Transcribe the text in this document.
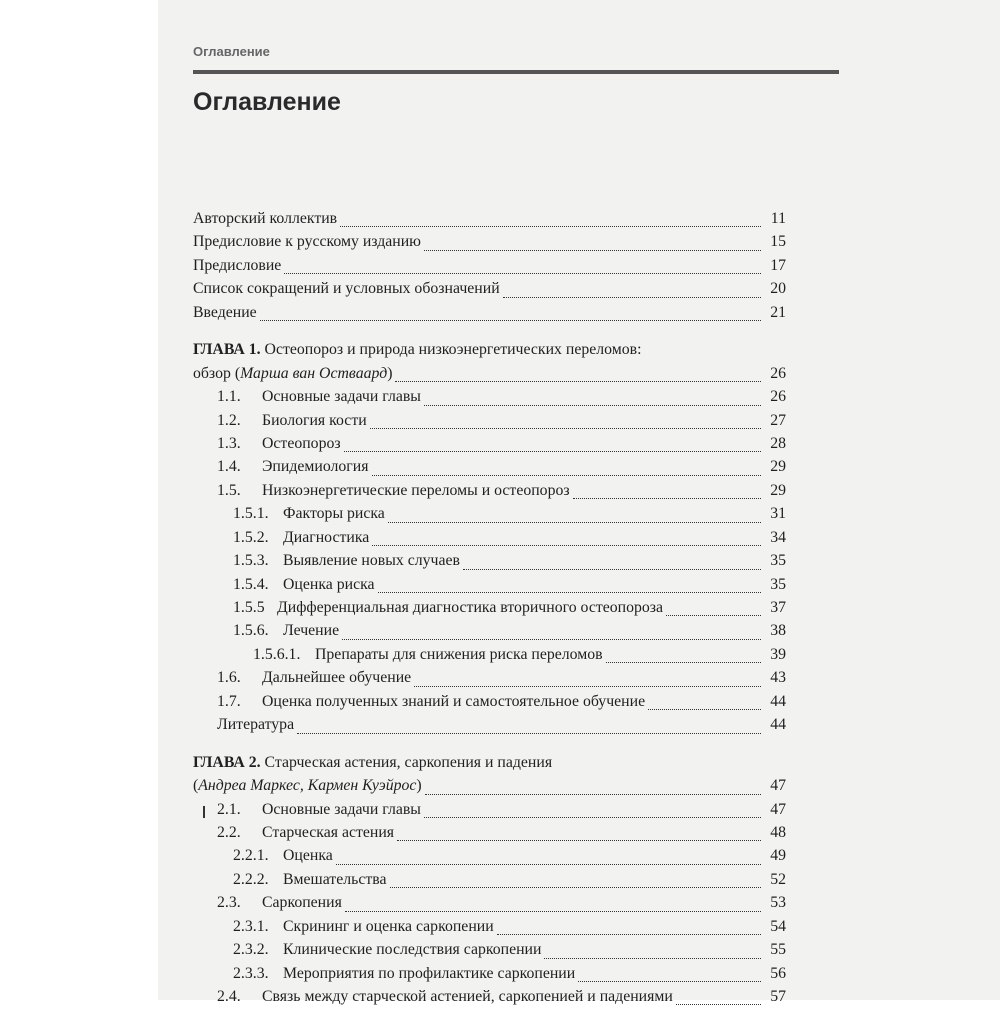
Оглавление
Оглавление
Авторский коллектив	11
Предисловие к русскому изданию	15
Предисловие	17
Список сокращений и условных обозначений	20
Введение	21
ГЛАВА 1. Остеопороз и природа низкоэнергетических переломов:
обзор (Марша ван Оствaард)	26
1.1. Основные задачи главы	26
1.2. Биология кости	27
1.3. Остеопороз	28
1.4. Эпидемиология	29
1.5. Низкоэнергетические переломы и остеопороз	29
1.5.1. Факторы риска	31
1.5.2. Диагностика	34
1.5.3. Выявление новых случаев	35
1.5.4. Оценка риска	35
1.5.5 Дифференциальная диагностика вторичного остеопороза	37
1.5.6. Лечение	38
1.5.6.1. Препараты для снижения риска переломов	39
1.6. Дальнейшее обучение	43
1.7. Оценка полученных знаний и самостоятельное обучение	44
Литература	44
ГЛАВА 2. Старческая астения, саркопения и падения
(Андреа Маркес, Кармен Куэйрос)	47
2.1. Основные задачи главы	47
2.2. Старческая астения	48
2.2.1. Оценка	49
2.2.2. Вмешательства	52
2.3. Саркопения	53
2.3.1. Скрининг и оценка саркопении	54
2.3.2. Клинические последствия саркопении	55
2.3.3. Мероприятия по профилактике саркопении	56
2.4. Связь между старческой астенией, саркопенией и падениями	57
